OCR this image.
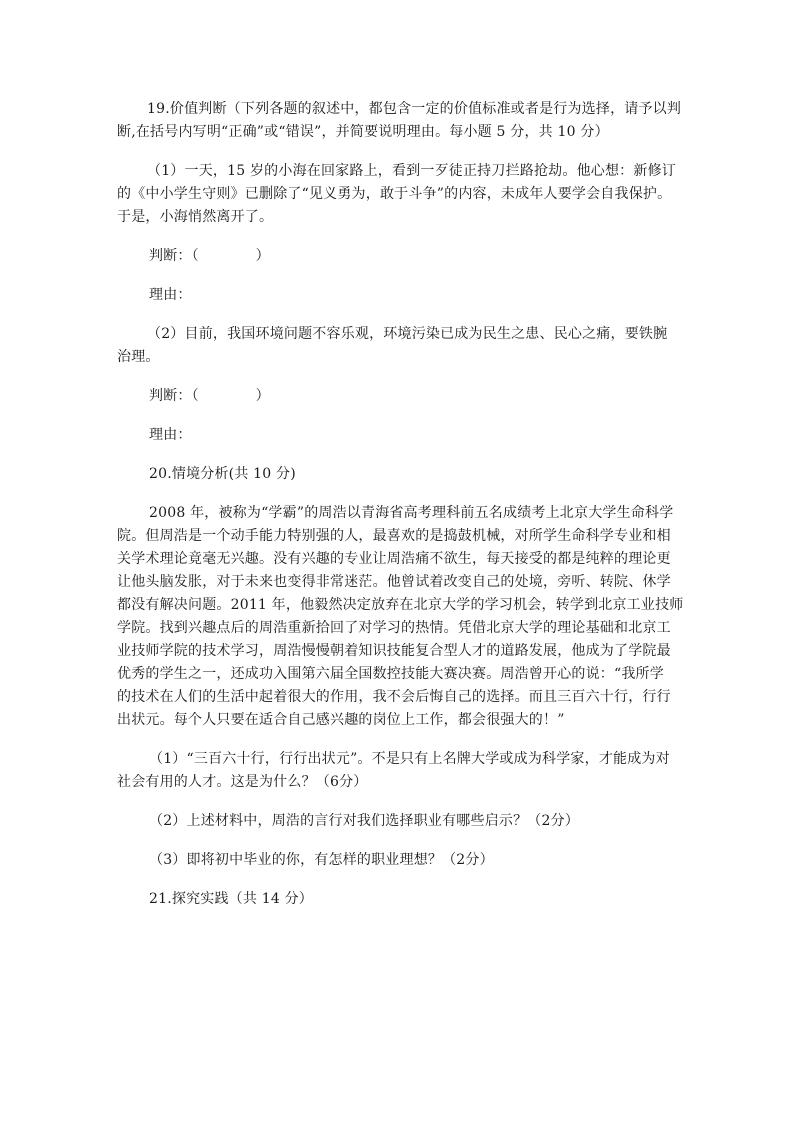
19.价值判断（下列各题的叙述中，都包含一定的价值标准或者是行为选择，请予以判

断,在括号内写明“正确”或“错误”，并简要说明理由。每小题 5 分，共 10 分）

（1）一天，15 岁的小海在回家路上，看到一歹徒正持刀拦路抢劫。他心想：新修订

的《中小学生守则》已删除了“见义勇为，敢于斗争”的内容，未成年人要学会自我保护。

于是，小海悄然离开了。

判断：（　　　　）

理由：

（2）目前，我国环境问题不容乐观，环境污染已成为民生之患、民心之痛，要铁腕

治理。

判断：（　　　　）

理由：

20.情境分析(共 10 分)

2008 年，被称为“学霸”的周浩以青海省高考理科前五名成绩考上北京大学生命科学

院。但周浩是一个动手能力特别强的人，最喜欢的是捣鼓机械，对所学生命科学专业和相

关学术理论竟毫无兴趣。没有兴趣的专业让周浩痛不欲生，每天接受的都是纯粹的理论更

让他头脑发胀，对于未来也变得非常迷茫。他曾试着改变自己的处境，旁听、转院、休学

都没有解决问题。2011 年，他毅然决定放弃在北京大学的学习机会，转学到北京工业技师

学院。找到兴趣点后的周浩重新拾回了对学习的热情。凭借北京大学的理论基础和北京工

业技师学院的技术学习，周浩慢慢朝着知识技能复合型人才的道路发展，他成为了学院最

优秀的学生之一，还成功入围第六届全国数控技能大赛决赛。周浩曾开心的说：“我所学

的技术在人们的生活中起着很大的作用，我不会后悔自己的选择。而且三百六十行，行行

出状元。每个人只要在适合自己感兴趣的岗位上工作，都会很强大的！”

（1）“三百六十行，行行出状元”。不是只有上名牌大学或成为科学家，才能成为对

社会有用的人才。这是为什么？（6分）

（2）上述材料中，周浩的言行对我们选择职业有哪些启示？（2分）

（3）即将初中毕业的你，有怎样的职业理想？（2分）

21.探究实践（共 14 分）
